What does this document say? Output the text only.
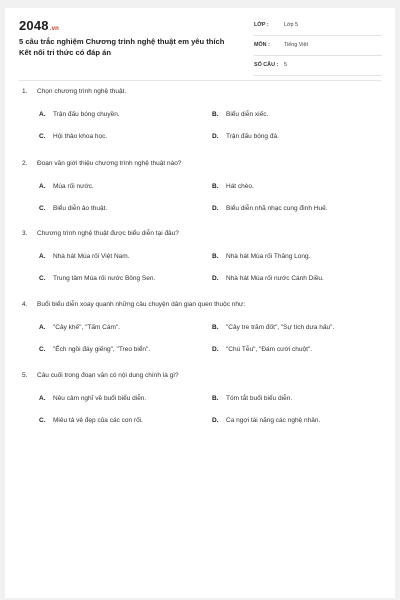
2048.vn
5 câu trắc nghiệm Chương trình nghệ thuật em yêu thích
Kết nối tri thức có đáp án
LỚP :	Lớp 5
MÔN :	Tiếng Việt
SỐ CÂU : 5
1. Chọn chương trình nghệ thuật.
A. Trận đấu bóng chuyền.	B. Biểu diễn xiếc.
C. Hội thảo khoa học.	D. Trận đấu bóng đá.
2. Đoạn văn giới thiệu chương trình nghệ thuật nào?
A. Múa rối nước.	B. Hát chèo.
C. Biểu diễn ảo thuật.	D. Biểu diễn nhã nhạc cung đình Huế.
3. Chương trình nghệ thuật được biểu diễn tại đâu?
A. Nhà hát Múa rối Việt Nam.	B. Nhà hát Múa rối Thăng Long.
C. Trung tâm Múa rối nước Bông Sen.	D. Nhà hát Múa rối nước Cánh Diều.
4. Buổi biểu diễn xoay quanh những câu chuyện dân gian quen thuộc như:
A. "Cây khế", "Tấm Cám".	B. "Cây tre trăm đốt", "Sự tích dưa hấu".
C. "Ếch ngồi đáy giếng", "Treo biển".	D. "Chú Tễu", "Đám cưới chuột".
5. Câu cuối trong đoạn văn có nội dung chính là gì?
A. Nêu cảm nghĩ về buổi biểu diễn.	B. Tóm tắt buổi biểu diễn.
C. Miêu tả vẻ đẹp của các con rối.	D. Ca ngợi tài năng các nghệ nhân.
